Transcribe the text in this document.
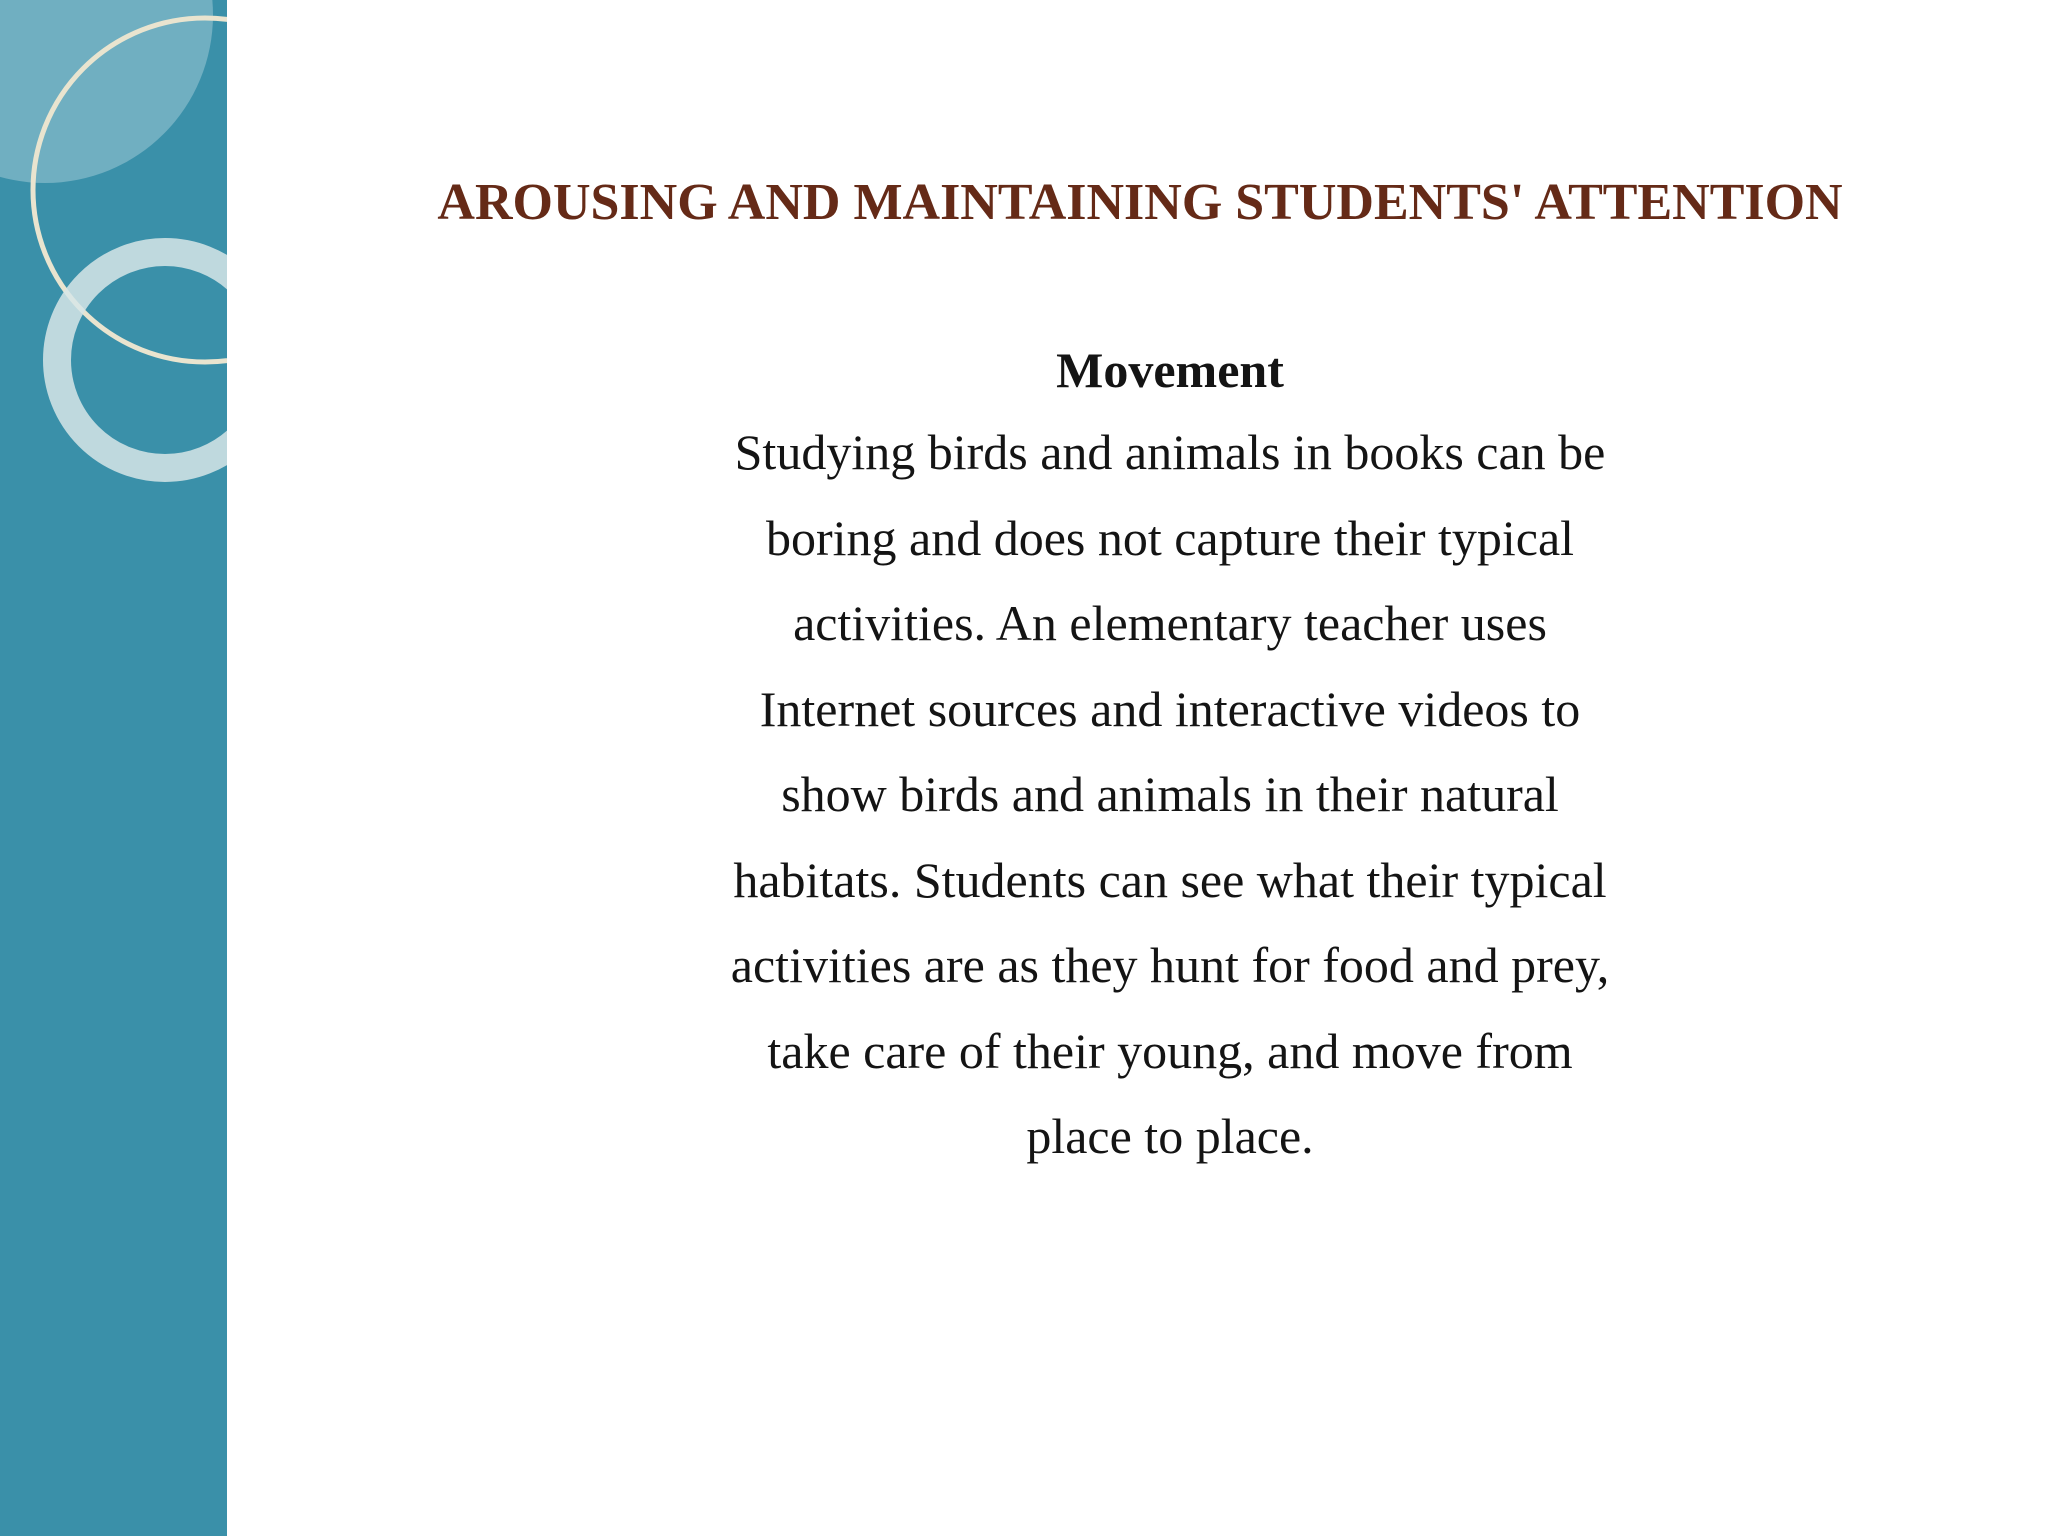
AROUSING AND MAINTAINING STUDENTS' ATTENTION

Movement

Studying birds and animals in books can be
boring and does not capture their typical
activities. An elementary teacher uses
Internet sources and interactive videos to
show birds and animals in their natural
habitats. Students can see what their typical
activities are as they hunt for food and prey,
take care of their young, and move from
place to place.
